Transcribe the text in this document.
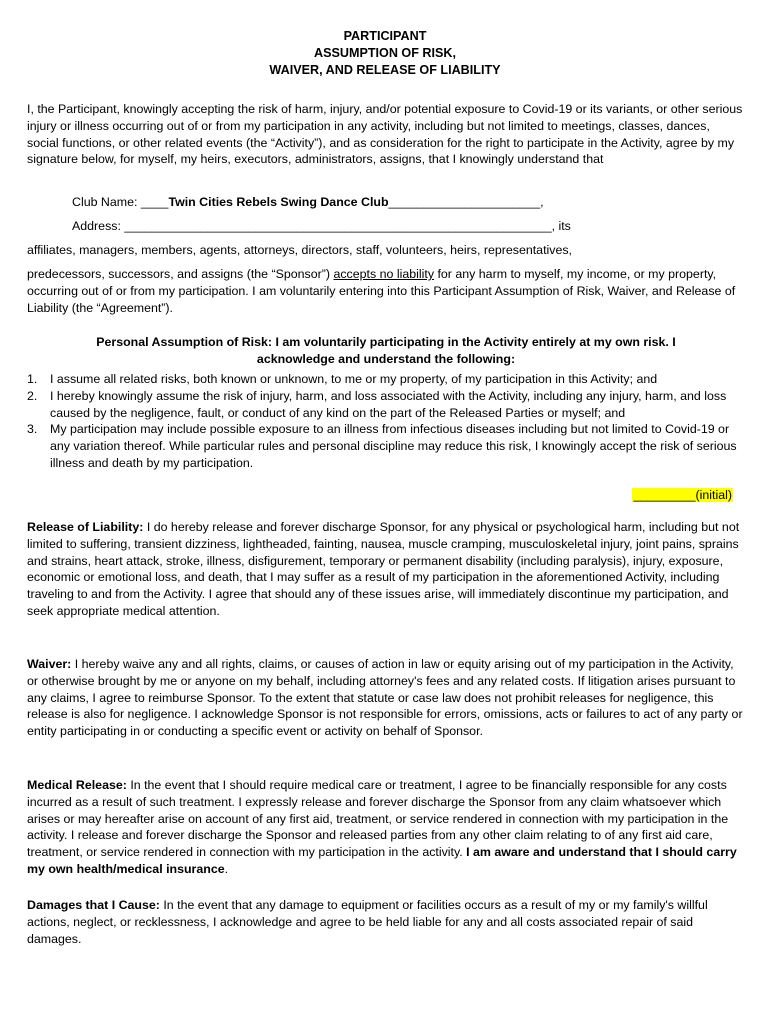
PARTICIPANT
ASSUMPTION OF RISK,
WAIVER, AND RELEASE OF LIABILITY

I, the Participant, knowingly accepting the risk of harm, injury, and/or potential exposure to Covid-19 or its variants, or other serious injury or illness occurring out of or from my participation in any activity, including but not limited to meetings, classes, dances, social functions, or other related events (the “Activity”), and as consideration for the right to participate in the Activity, agree by my signature below, for myself, my heirs, executors, administrators, assigns, that I knowingly understand that

Club Name: ____Twin Cities Rebels Swing Dance Club______________________,
Address: ______________________________________________________________, its

affiliates, managers, members, agents, attorneys, directors, staff, volunteers, heirs, representatives,

predecessors, successors, and assigns (the “Sponsor”) accepts no liability for any harm to myself, my income, or my property, occurring out of or from my participation. I am voluntarily entering into this Participant Assumption of Risk, Waiver, and Release of Liability (the “Agreement”).

Personal Assumption of Risk: I am voluntarily participating in the Activity entirely at my own risk. I
acknowledge and understand the following:
1. I assume all related risks, both known or unknown, to me or my property, of my participation in this Activity; and
2. I hereby knowingly assume the risk of injury, harm, and loss associated with the Activity, including any injury, harm, and loss caused by the negligence, fault, or conduct of any kind on the part of the Released Parties or myself; and
3. My participation may include possible exposure to an illness from infectious diseases including but not limited to Covid-19 or any variation thereof. While particular rules and personal discipline may reduce this risk, I knowingly accept the risk of serious illness and death by my participation.
_________(initial)

Release of Liability: I do hereby release and forever discharge Sponsor, for any physical or psychological harm, including but not limited to suffering, transient dizziness, lightheaded, fainting, nausea, muscle cramping, musculoskeletal injury, joint pains, sprains and strains, heart attack, stroke, illness, disfigurement, temporary or permanent disability (including paralysis), injury, exposure, economic or emotional loss, and death, that I may suffer as a result of my participation in the aforementioned Activity, including traveling to and from the Activity. I agree that should any of these issues arise, will immediately discontinue my participation, and seek appropriate medical attention.

Waiver: I hereby waive any and all rights, claims, or causes of action in law or equity arising out of my participation in the Activity, or otherwise brought by me or anyone on my behalf, including attorney's fees and any related costs. If litigation arises pursuant to any claims, I agree to reimburse Sponsor. To the extent that statute or case law does not prohibit releases for negligence, this release is also for negligence. I acknowledge Sponsor is not responsible for errors, omissions, acts or failures to act of any party or entity participating in or conducting a specific event or activity on behalf of Sponsor.

Medical Release: In the event that I should require medical care or treatment, I agree to be financially responsible for any costs incurred as a result of such treatment. I expressly release and forever discharge the Sponsor from any claim whatsoever which arises or may hereafter arise on account of any first aid, treatment, or service rendered in connection with my participation in the activity. I release and forever discharge the Sponsor and released parties from any other claim relating to of any first aid care, treatment, or service rendered in connection with my participation in the activity. I am aware and understand that I should carry my own health/medical insurance.

Damages that I Cause: In the event that any damage to equipment or facilities occurs as a result of my or my family's willful actions, neglect, or recklessness, I acknowledge and agree to be held liable for any and all costs associated repair of said damages.
